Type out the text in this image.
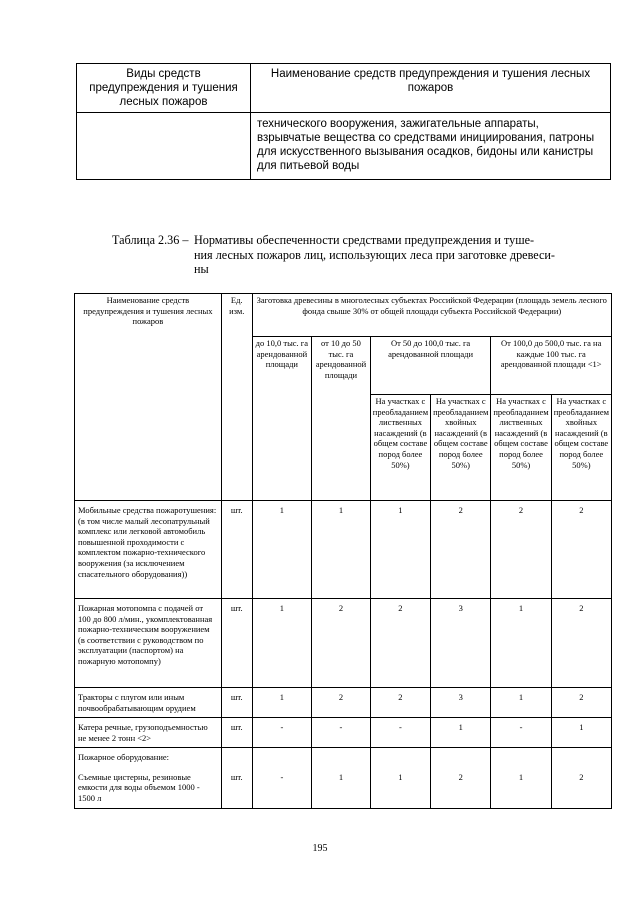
Виды средств предупреждения и тушения лесных пожаров	Наименование средств предупреждения и тушения лесных пожаров
	технического вооружения, зажигательные аппараты, взрывчатые вещества со средствами инициирования, патроны для искусственного вызывания осадков, бидоны или канистры для питьевой воды
Таблица 2.36 – Нормативы обеспеченности средствами предупреждения и туше-
ния лесных пожаров лиц, использующих леса при заготовке древеси-
ны
Наименование средств предупреждения и тушения лесных пожаров	Ед. изм.	Заготовка древесины в многолесных субъектах Российской Федерации (площадь земель лесного фонда свыше 30% от общей площади субъекта Российской Федерации)					
		до 10,0 тыс. га арендованной площади	от 10 до 50 тыс. га арендованной площади	От 50 до 100,0 тыс. га арендованной площади		От 100,0 до 500,0 тыс. га на каждые 100 тыс. га арендованной площади <1>	
				На участках с преобладанием лиственных насаждений (в общем составе пород более 50%)	На участках с преобладанием хвойных насаждений (в общем составе пород более 50%)	На участках с преобладанием лиственных насаждений (в общем составе пород более 50%)	На участках с преобладанием хвойных насаждений (в общем составе пород более 50%)
Мобильные средства пожаротушения: (в том числе малый лесопатрульный комплекс или легковой автомобиль повышенной проходимости с комплектом пожарно-технического вооружения (за исключением спасательного оборудования))	шт.	1	1	1	2	2	2
Пожарная мотопомпа с подачей от 100 до 800 л/мин., укомплектованная пожарно-техническим вооружением (в соответствии с руководством по эксплуатации (паспортом) на пожарную мотопомпу)	шт.	1	2	2	3	1	2
Тракторы с плугом или иным почвообрабатывающим орудием	шт.	1	2	2	3	1	2
Катера речные, грузоподъемностью не менее 2 тонн <2>	шт.	-	-	-	1	-	1
Пожарное оборудование:							
Съемные цистерны, резиновые емкости для воды объемом 1000 - 1500 л	шт.	-	1	1	2	1	2
195
